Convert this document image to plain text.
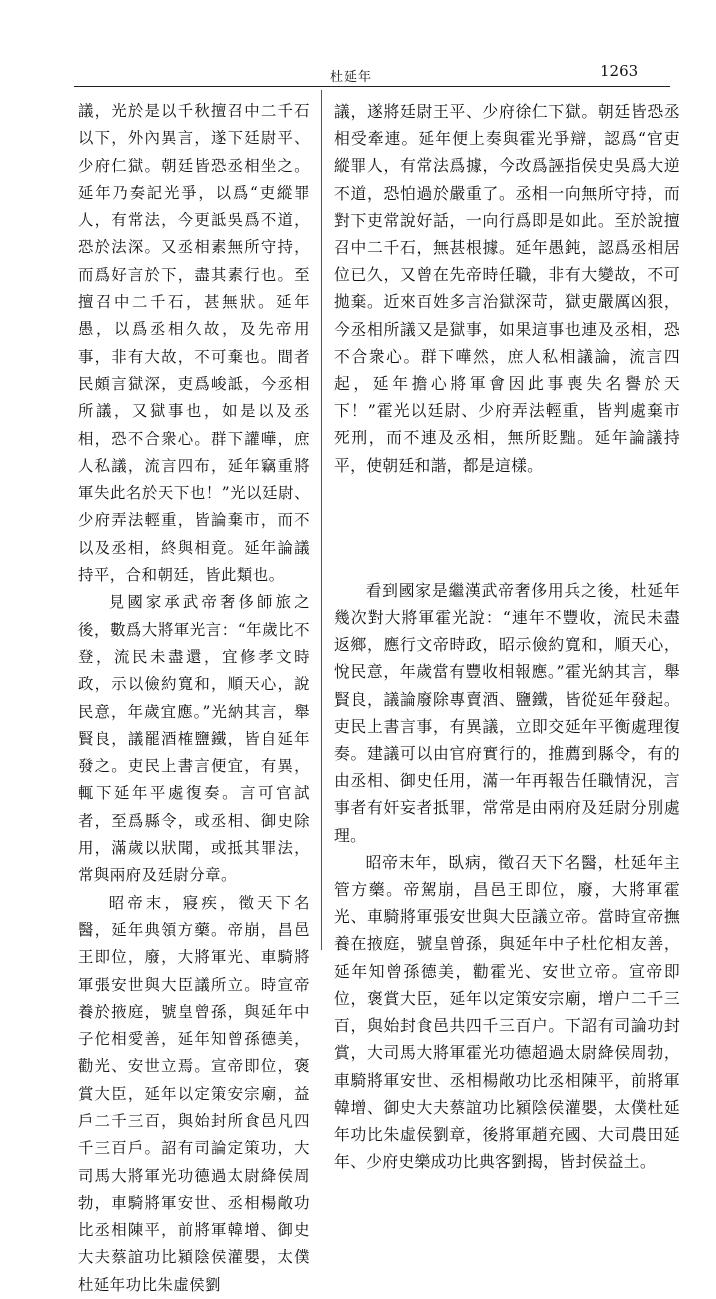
杜延年	1263

議，光於是以千秋擅召中二千石以下，外內異言，遂下廷尉平、少府仁獄。朝廷皆恐丞相坐之。延年乃奏記光爭，以爲“吏縱罪人，有常法，今更詆吳爲不道，恐於法深。又丞相素無所守持，而爲好言於下，盡其素行也。至擅召中二千石，甚無狀。延年愚，以爲丞相久故，及先帝用事，非有大故，不可棄也。間者民頗言獄深，吏爲峻詆，今丞相所議，又獄事也，如是以及丞相，恐不合衆心。群下讙嘩，庶人私議，流言四布，延年竊重將軍失此名於天下也！”光以廷尉、少府弄法輕重，皆論棄市，而不以及丞相，終與相竟。延年論議持平，合和朝廷，皆此類也。

見國家承武帝奢侈師旅之後，數爲大將軍光言：“年歲比不登，流民未盡還，宜修孝文時政，示以儉約寬和，順天心，說民意，年歲宜應。”光納其言，舉賢良，議罷酒榷鹽鐵，皆自延年發之。吏民上書言便宜，有異，輒下延年平處復奏。言可官試者，至爲縣令，或丞相、御史除用，滿歲以狀聞，或抵其罪法，常與兩府及廷尉分章。

昭帝末，寢疾，徵天下名醫，延年典領方藥。帝崩，昌邑王即位，廢，大將軍光、車騎將軍張安世與大臣議所立。時宣帝養於掖庭，號皇曾孫，與延年中子佗相愛善，延年知曾孫德美，勸光、安世立焉。宣帝即位，褒賞大臣，延年以定策安宗廟，益戶二千三百，與始封所食邑凡四千三百戶。詔有司論定策功，大司馬大將軍光功德過太尉絳侯周勃，車騎將軍安世、丞相楊敞功比丞相陳平，前將軍韓增、御史大夫蔡誼功比潁陰侯灌嬰，太僕杜延年功比朱虛侯劉

議，遂將廷尉王平、少府徐仁下獄。朝廷皆恐丞相受牽連。延年便上奏與霍光爭辯，認爲“官吏縱罪人，有常法爲據，今改爲誣指侯史吳爲大逆不道，恐怕過於嚴重了。丞相一向無所守持，而對下吏常說好話，一向行爲即是如此。至於說擅召中二千石，無甚根據。延年愚鈍，認爲丞相居位已久，又曾在先帝時任職，非有大變故，不可拋棄。近來百姓多言治獄深苛，獄吏嚴厲凶狠，今丞相所議又是獄事，如果這事也連及丞相，恐不合衆心。群下嘩然，庶人私相議論，流言四起，延年擔心將軍會因此事喪失名譽於天下！”霍光以廷尉、少府弄法輕重，皆判處棄市死刑，而不連及丞相，無所貶黜。延年論議持平，使朝廷和諧，都是這樣。

看到國家是繼漢武帝奢侈用兵之後，杜延年幾次對大將軍霍光說：“連年不豐收，流民未盡返鄉，應行文帝時政，昭示儉約寬和，順天心，悅民意，年歲當有豐收相報應。”霍光納其言，舉賢良，議論廢除專賣酒、鹽鐵，皆從延年發起。吏民上書言事，有異議，立即交延年平衡處理復奏。建議可以由官府實行的，推薦到縣令，有的由丞相、御史任用，滿一年再報告任職情況，言事者有奸妄者抵罪，常常是由兩府及廷尉分別處理。

昭帝末年，臥病，徵召天下名醫，杜延年主管方藥。帝駕崩，昌邑王即位，廢，大將軍霍光、車騎將軍張安世與大臣議立帝。當時宣帝撫養在掖庭，號皇曾孫，與延年中子杜佗相友善，延年知曾孫德美，勸霍光、安世立帝。宣帝即位，褒賞大臣，延年以定策安宗廟，增户二千三百，與始封食邑共四千三百户。下詔有司論功封賞，大司馬大將軍霍光功德超過太尉絳侯周勃，車騎將軍安世、丞相楊敞功比丞相陳平，前將軍韓增、御史大夫蔡誼功比潁陰侯灌嬰，太僕杜延年功比朱虛侯劉章，後將軍趙充國、大司農田延年、少府史樂成功比典客劉揭，皆封侯益土。
